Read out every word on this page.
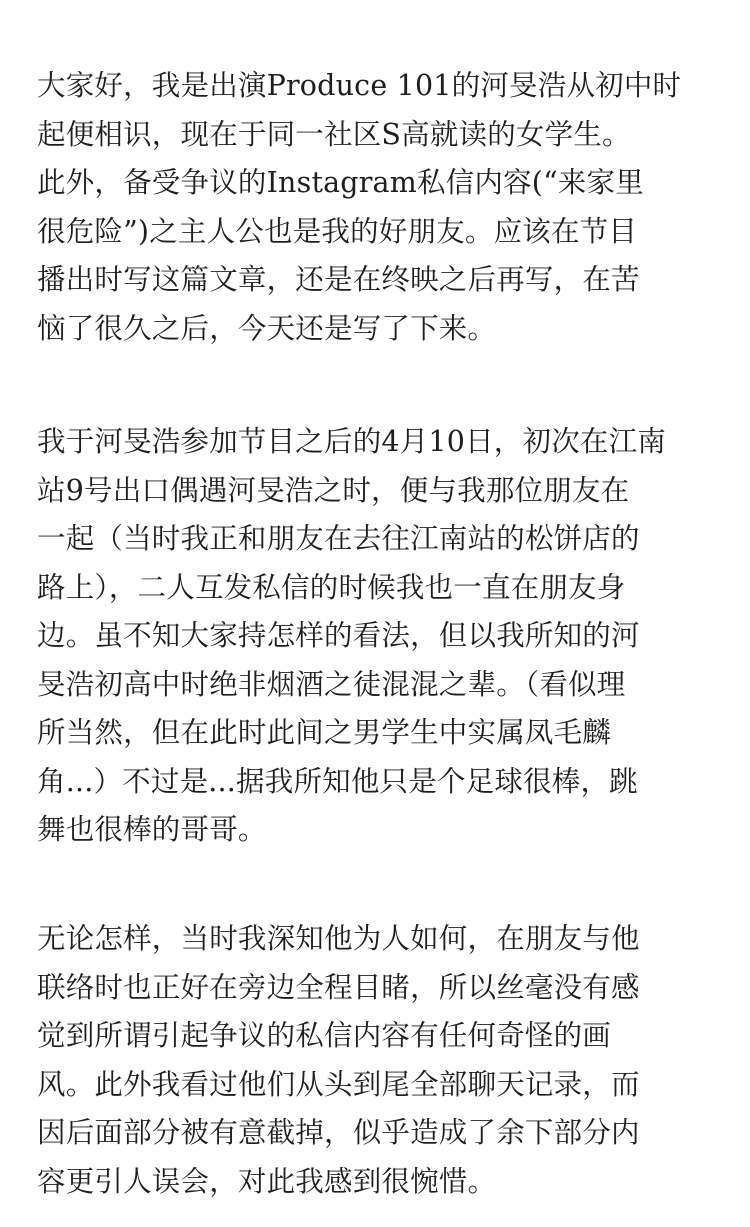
大家好，我是出演Produce 101的河旻浩从初中时
起便相识，现在于同一社区S高就读的女学生。
此外，备受争议的Instagram私信内容(“来家里
很危险”)之主人公也是我的好朋友。应该在节目
播出时写这篇文章，还是在终映之后再写，在苦
恼了很久之后，今天还是写了下来。

我于河旻浩参加节目之后的4月10日，初次在江南
站9号出口偶遇河旻浩之时，便与我那位朋友在
一起（当时我正和朋友在去往江南站的松饼店的
路上），二人互发私信的时候我也一直在朋友身
边。虽不知大家持怎样的看法，但以我所知的河
旻浩初高中时绝非烟酒之徒混混之辈。（看似理
所当然，但在此时此间之男学生中实属凤毛麟
角...）不过是...据我所知他只是个足球很棒，跳
舞也很棒的哥哥。

无论怎样，当时我深知他为人如何，在朋友与他
联络时也正好在旁边全程目睹，所以丝毫没有感
觉到所谓引起争议的私信内容有任何奇怪的画
风。此外我看过他们从头到尾全部聊天记录，而
因后面部分被有意截掉，似乎造成了余下部分内
容更引人误会，对此我感到很惋惜。
